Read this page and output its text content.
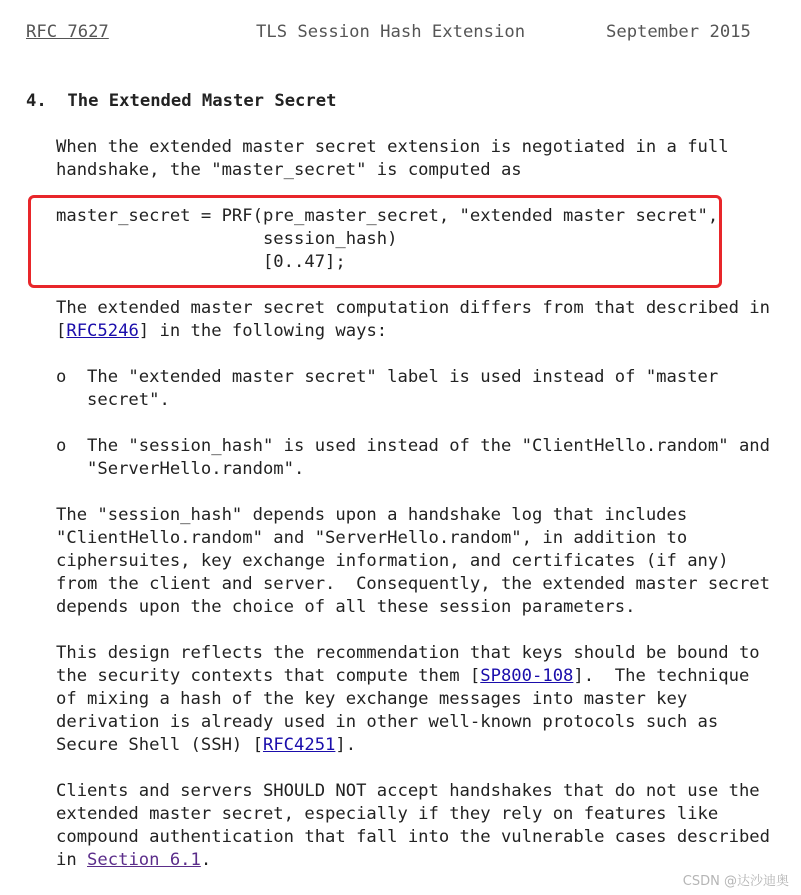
RFC 7627	TLS Session Hash Extension	September 2015
4. The Extended Master Secret
When the extended master secret extension is negotiated in a full
handshake, the "master_secret" is computed as
master_secret = PRF(pre_master_secret, "extended master secret",
session_hash)
[0..47];
The extended master secret computation differs from that described in
[RFC5246] in the following ways:
o  The "extended master secret" label is used instead of "master
secret".
o  The "session_hash" is used instead of the "ClientHello.random" and
"ServerHello.random".
The "session_hash" depends upon a handshake log that includes
"ClientHello.random" and "ServerHello.random", in addition to
ciphersuites, key exchange information, and certificates (if any)
from the client and server.  Consequently, the extended master secret
depends upon the choice of all these session parameters.
This design reflects the recommendation that keys should be bound to
the security contexts that compute them [SP800-108].  The technique
of mixing a hash of the key exchange messages into master key
derivation is already used in other well-known protocols such as
Secure Shell (SSH) [RFC4251].
Clients and servers SHOULD NOT accept handshakes that do not use the
extended master secret, especially if they rely on features like
compound authentication that fall into the vulnerable cases described
in Section 6.1.
CSDN @达沙迪奥
